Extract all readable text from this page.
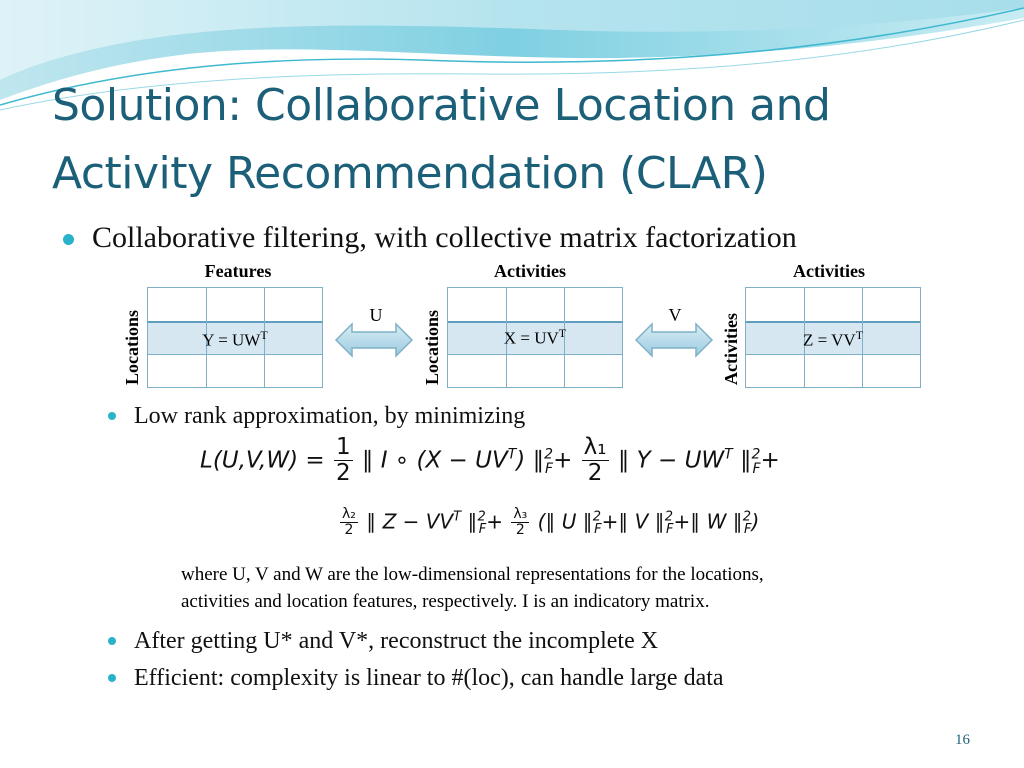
Solution: Collaborative Location and
Activity Recommendation (CLAR)
Collaborative filtering, with collective matrix factorization
Features
Locations	$Y = UW^T$
U
Activities
Locations	$X = UV^T$
V
Activities
Activities	$Z = VV^T$
Low rank approximation, by minimizing
$L(U,V,W) = \frac{1}{2}$ ∥ I ∘ $(X - UV^T)$ ∥$^2_F$+ $\frac{\text{λ₁}}{2}$ ∥ $Y - UW^T$ ∥$^2_F$+
$\frac{\text{λ₂}}{2}$ ∥ $Z - VV^T$ ∥$^2_F$+ $\frac{\text{λ₃}}{2}$ (∥ U ∥$^2_F$+∥ V ∥$^2_F$+∥ W ∥$^2_F$)
where U, V and W are the low-dimensional representations for the locations,
activities and location features, respectively. I is an indicatory matrix.
After getting U* and V*, reconstruct the incomplete X
Efficient: complexity is linear to #(loc), can handle large data
16
